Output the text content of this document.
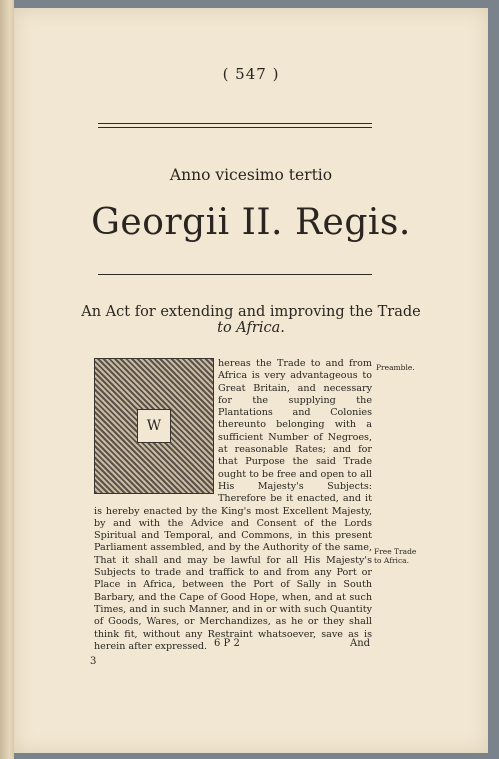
( 547 )
Anno vicesimo tertio
Georgii II. Regis.
An Act for extending and improving the Trade
to Africa.
hereas the Trade to and from Africa is very advantageous to Great Britain, and necessary for the supplying the Plantations and Colonies thereunto belonging with a sufficient Number of Negroes, at reasonable Rates; and for that Purpose the said Trade ought to be free and open to all His Majesty's Subjects: Therefore be it enacted, and it is hereby enacted by the King's most Excellent Majesty, by and with the Advice and Consent of the Lords Spiritual and Temporal, and Commons, in this present Parliament assembled, and by the Authority of the same, That it shall and may be lawful for all His Majesty's Subjects to trade and traffick to and from any Port or Place in Africa, between the Port of Sally in South Barbary, and the Cape of Good Hope, when, and at such Times, and in such Manner, and in or with such Quantity of Goods, Wares, or Merchandizes, as he or they shall think fit, without any Restraint whatsoever, save as is herein after expressed.
W
Preamble.
Free Trade to Africa.
6 P 2	And
3
